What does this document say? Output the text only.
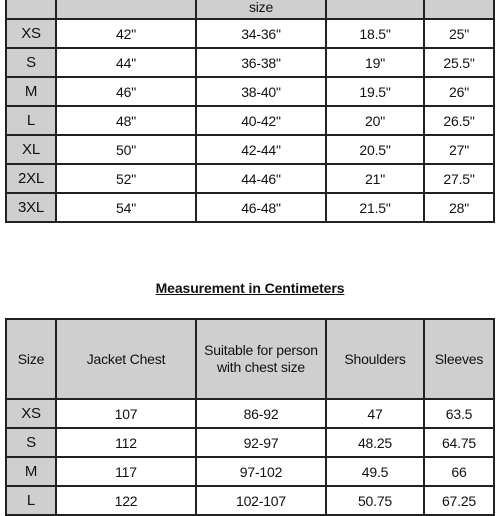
		size		
XS	42"	34-36"	18.5"	25"
S	44"	36-38"	19"	25.5"
M	46"	38-40"	19.5"	26"
L	48"	40-42"	20"	26.5"
XL	50"	42-44"	20.5"	27"
2XL	52"	44-46"	21"	27.5"
3XL	54"	46-48"	21.5"	28"
Measurement in Centimeters
Size	Jacket Chest	Suitable for person with chest size	Shoulders	Sleeves
XS	107	86-92	47	63.5
S	112	92-97	48.25	64.75
M	117	97-102	49.5	66
L	122	102-107	50.75	67.25
